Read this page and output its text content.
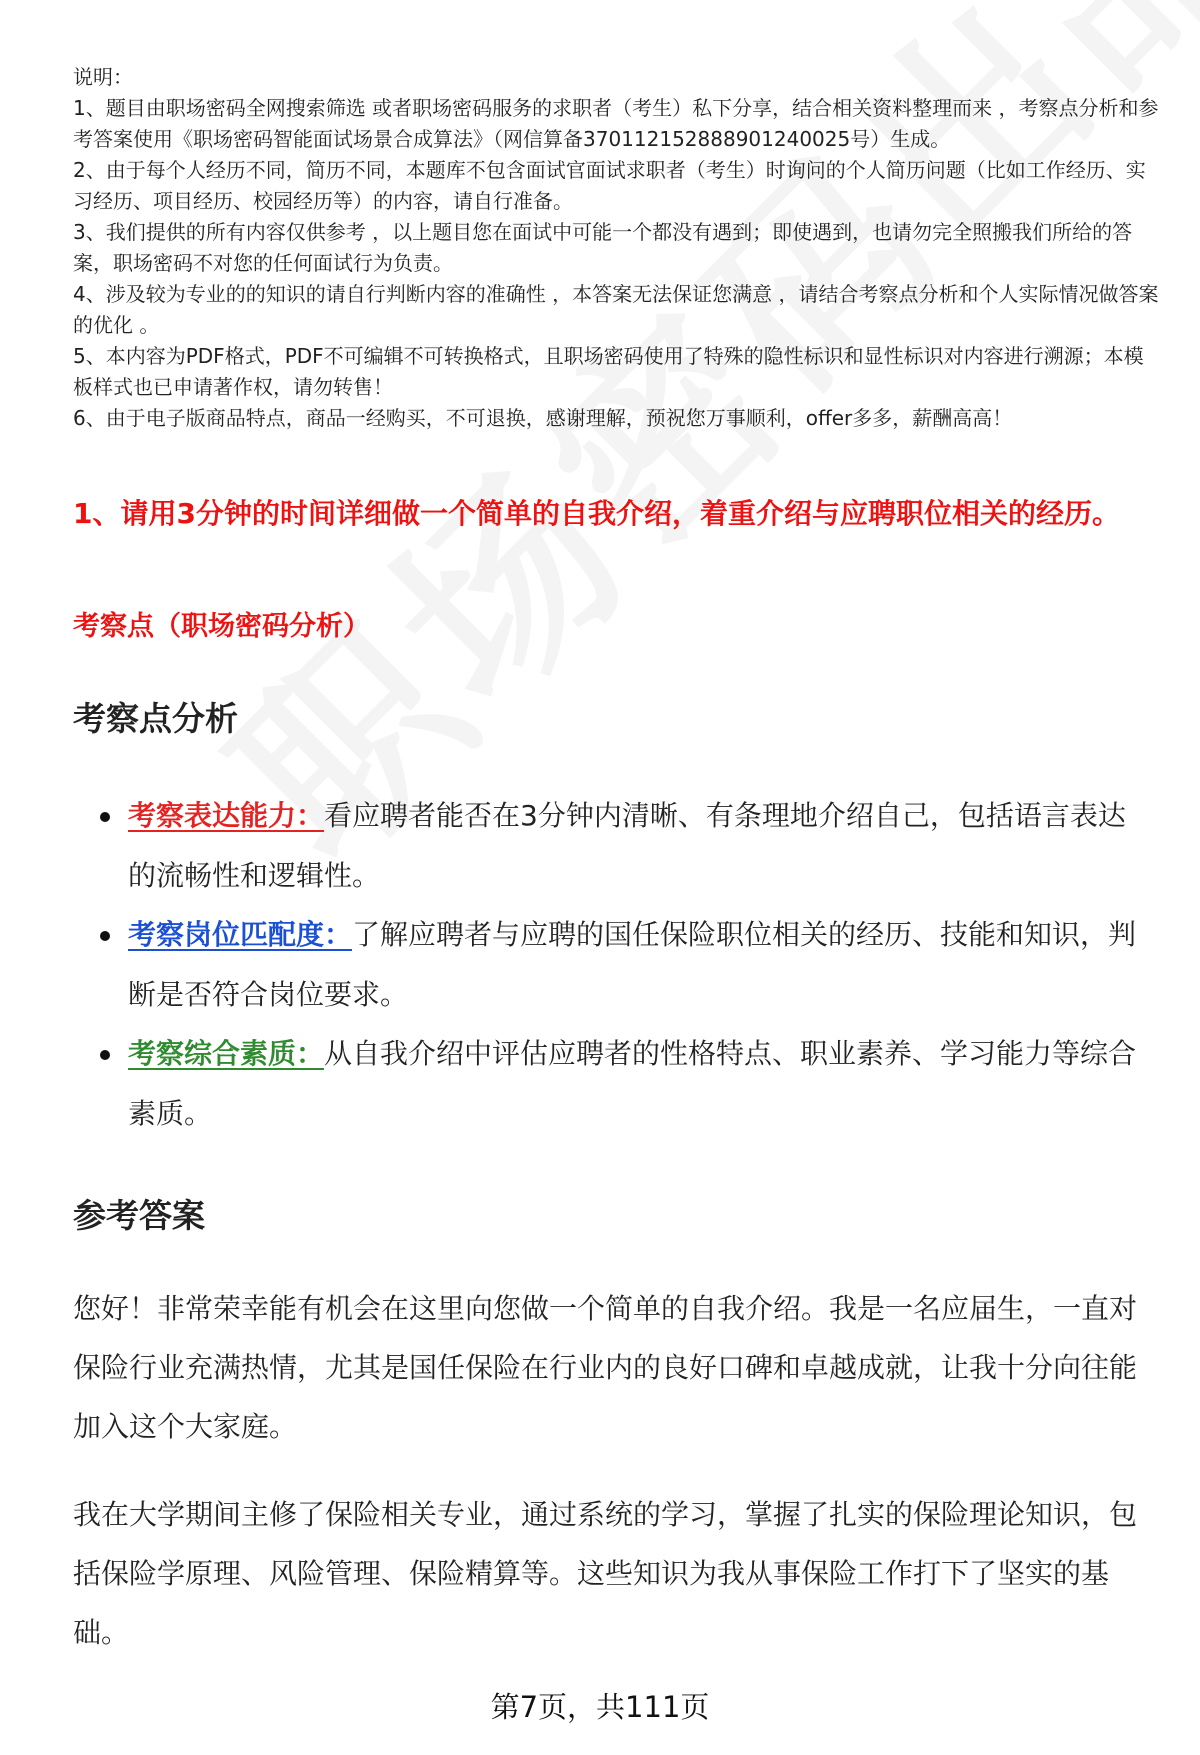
说明：

1、题目由职场密码全网搜索筛选 或者职场密码服务的求职者（考生）私下分享，结合相关资料整理而来 ，考察点分析和参考答案使用《职场密码智能面试场景合成算法》（网信算备370112152888901240025号）生成。

2、由于每个人经历不同，简历不同，本题库不包含面试官面试求职者（考生）时询问的个人简历问题（比如工作经历、实习经历、项目经历、校园经历等）的内容，请自行准备。

3、我们提供的所有内容仅供参考 ，以上题目您在面试中可能一个都没有遇到；即使遇到，也请勿完全照搬我们所给的答案，职场密码不对您的任何面试行为负责。

4、涉及较为专业的的知识的请自行判断内容的准确性 ，本答案无法保证您满意 ，请结合考察点分析和个人实际情况做答案的优化 。

5、本内容为PDF格式，PDF不可编辑不可转换格式，且职场密码使用了特殊的隐性标识和显性标识对内容进行溯源；本模板样式也已申请著作权，请勿转售！

6、由于电子版商品特点，商品一经购买，不可退换，感谢理解，预祝您万事顺利，offer多多，薪酬高高！

1、请用3分钟的时间详细做一个简单的自我介绍，着重介绍与应聘职位相关的经历。
考察点（职场密码分析）
考察点分析
考察表达能力：看应聘者能否在3分钟内清晰、有条理地介绍自己，包括语言表达的流畅性和逻辑性。
考察岗位匹配度：了解应聘者与应聘的国任保险职位相关的经历、技能和知识，判断是否符合岗位要求。
考察综合素质：从自我介绍中评估应聘者的性格特点、职业素养、学习能力等综合素质。
参考答案

您好！非常荣幸能有机会在这里向您做一个简单的自我介绍。我是一名应届生，一直对保险行业充满热情，尤其是国任保险在行业内的良好口碑和卓越成就，让我十分向往能加入这个大家庭。

我在大学期间主修了保险相关专业，通过系统的学习，掌握了扎实的保险理论知识，包括保险学原理、风险管理、保险精算等。这些知识为我从事保险工作打下了坚实的基础。

第7页，共111页
